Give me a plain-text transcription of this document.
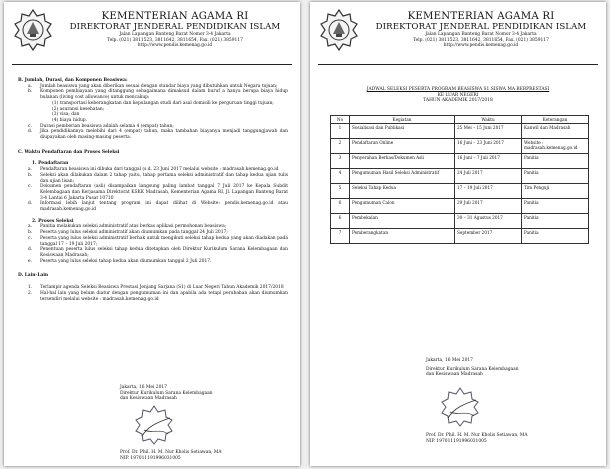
KEMENTERIAN AGAMA RI
DIREKTORAT JENDERAL PENDIDIKAN ISLAM
Jalan Lapangan Banteng Barat Nomor 3-4 Jakarta
Telp. (021) 3811523, 3811642, 3811654, Fax. (021) 3859117
http://www.pendis.kemenag.go.id

B. Jumlah, Durasi, dan Komponen Beasiswa:

a. Jumlah beasiswa yang akan diberikan sesuai dengan standar biaya yang dibutuhkan untuk Negara tujuan;
b. Komponen pembiayaan yang ditanggung sebagaimana dimaksud dalam huruf a hanya berupa biaya hidup bulanan (living cost allowance) untuk mencakup:
(1) transportasi keberangkatan dan kepulangan studi dari asal domisili ke perguruan tinggi tujuan;
(2) asuransi kesehatan;
(3) visa; dan
(4) biaya hidup.
c. Durasi pemberian beasiswa adalah selama 4 (empat) tahun;
d. Jika pendidikannya melebihi dari 4 (empat) tahun, maka tambahan biayanya menjadi tanggungjawab dan diupayakan oleh masing-masing peserta.

C. Waktu Pendaftaran dan Proses Seleksi

1. Pendaftaran

a. Pendaftaran beasiswa ini dibuka dari tanggal (s.d. 23 Juni 2017 melalui website : madrasah.kemenag.go.id
b. Seleksi akan dilakukan dalam 2 tahap yaitu, tahap pertama seleksi administratif dan tahap kedua ujian tulis dan ujian lisan;
c. Dokumen pendaftaran (asli) disampaikan langsung paling lambat tanggal 7 Juli 2017 ke Kepala Subdit Kelembagaan dan Kerjasama Direktorat KSKK Madrasah, Kementerian Agama RI, Jl. Lapangan Banteng Barat 3-4 Lantai 6 Jakarta Pusat 10710
d. Informasi lebih lanjut tentang program ini dapat dilihat di Website: pendis.kemenag.go.id atau madrasah.kemenag.go.id

2. Proses Seleksi

a. Panitia melakukan seleksi administratif atas berkas aplikasi permohonan beasiswa;
b. Peserta yang lulus seleksi administratif akan diumumkan pada tanggal 24 Juli 2017;
c. Peserta yang lulus seleksi administratif berhak untuk mengikuti seleksi tahap kedua yang akan diadakan pada tanggal 17 – 19 Juli 2017;
d. Penentuan peserta lulus seleksi tahap kedua ditetapkan oleh Direktur Kurikulum Sarana Kelembagaan dan Kesiswaan Madrasah;
e. Peserta yang lulus seleksi tahap kedua akan diumumkan tanggal 2 Juli 2017.

D. Lain-Lain

1. Terlampir agenda Seleksi Beasiswa Prestasi Jenjang Sarjana (S1) di Luar Negeri Tahun Akademik 2017/2018
2. Hal-hal lain yang belum diatur dengan pengumuman ini dan apabila ada tetapi perubahan akan diumumkan tersendiri melalui website : madrasah.kemenag.go.id
Jakarta, 16 Mei 2017
Direktur Kurikulum Sarana Kelembagaan
dan Kesiswaan Madrasah
Prof. Dr. Phil. H. M. Nur Kholis Setiawan, MA
NIP. 197011191996031005
KEMENTERIAN AGAMA RI
DIREKTORAT JENDERAL PENDIDIKAN ISLAM
Jalan Lapangan Banteng Barat Nomor 3-4 Jakarta
Telp. (021) 3811523, 3811642, 3811654, Fax. (021) 3859117
http://www.pendis.kemenag.go.id
JADWAL SELEKSI PESERTA PROGRAM BEASISWA S1 SISWA MA BERPRESTASI
KE LUAR NEGERI
TAHUN AKADEMIK 2017/2018
No	Kegiatan	Waktu	Keterangan
1	Sosialisasi dan Publikasi	25 Mei – 15 Juni 2017	Kanwil dan Madrasah
2	Pendaftaran Online	16 Juni – 23 Juni 2017	Website : madrasah.kemenag.go.id
3	Penyerahan Berkas/Dokumen Asli	16 Juni – 7 Juli 2017	Panitia
4	Pengumuman Hasil Seleksi Administratif	24 Juli 2017	Panitia
5	Seleksi Tahap Kedua	17 – 19 Juli 2017	Tim Penguji
6	Pengumuman Calon	29 Juli 2017	Panitia
6	Pembekalan	30 – 31 Agustus 2017	Panitia
7	Pemberangkatan	September 2017	Panitia
Jakarta, 16 Mei 2017
Direktur Kurikulum Sarana Kelembagaan
dan Kesiswaan Madrasah
Prof. Dr. Phil. H. M. Nur Kholis Setiawan, MA
NIP. 197011191996031005
